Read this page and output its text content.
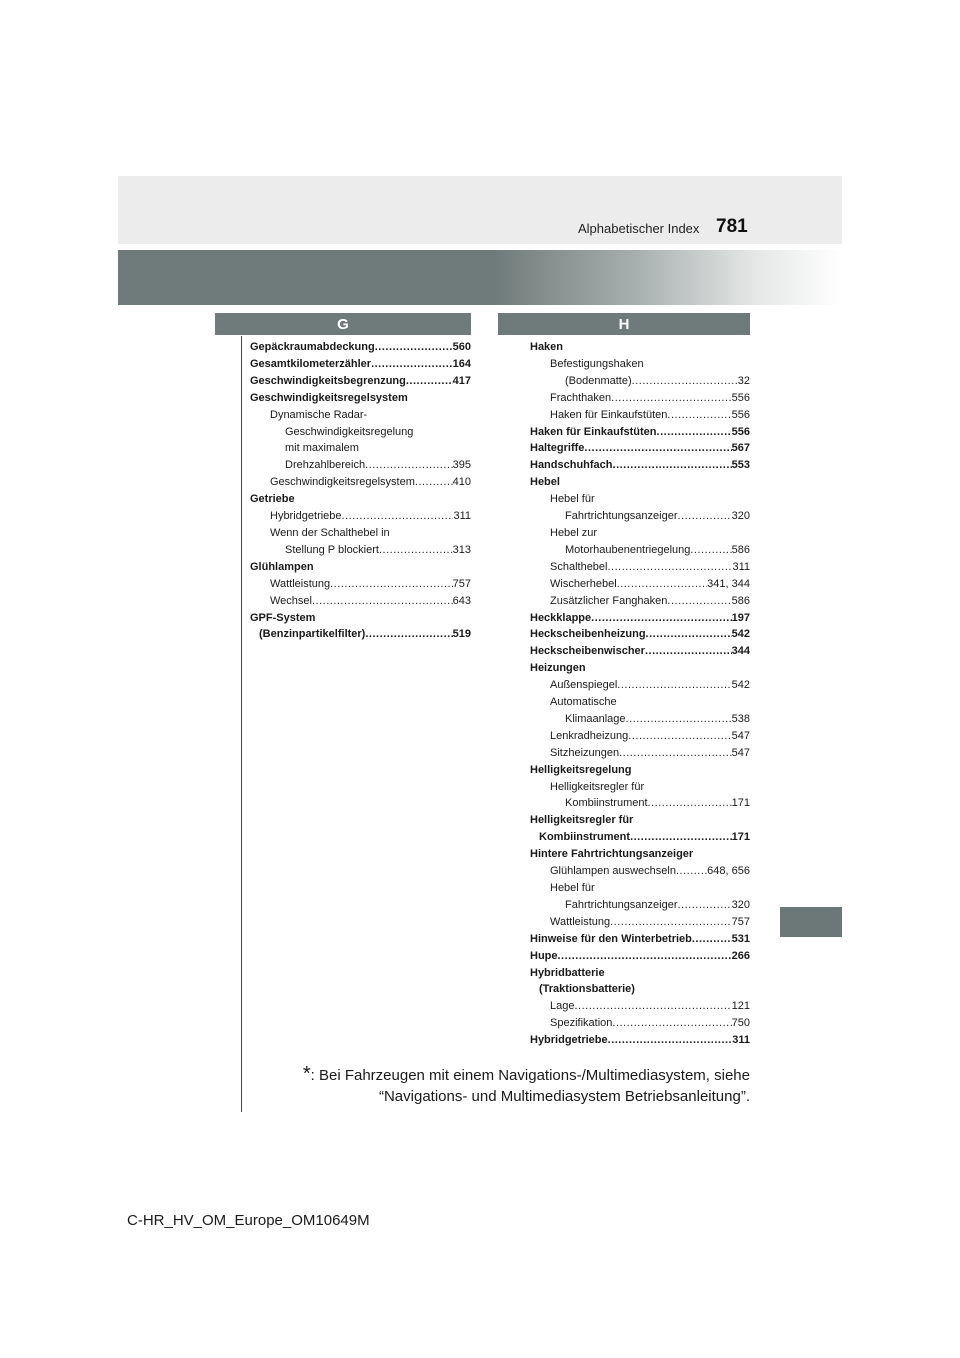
Alphabetischer Index 781
G	H
Gepäckraumabdeckung .....	560
Gesamtkilometerzähler .....	164
Geschwindigkeitsbegrenzung .....	417
Geschwindigkeitsregelsystem
Dynamische Radar-
Geschwindigkeitsregelung
mit maximalem
Drehzahlbereich .....	395
Geschwindigkeitsregelsystem .....	410
Getriebe
Hybridgetriebe .....	311
Wenn der Schalthebel in
Stellung P blockiert .....	313
Glühlampen
Wattleistung .....	757
Wechsel .....	643
GPF-System
(Benzinpartikelfilter) .....	519
Haken
Befestigungshaken
(Bodenmatte) .....	32
Frachthaken .....	556
Haken für Einkaufstüten .....	556
Haken für Einkaufstüten .....	556
Haltegriffe .....	567
Handschuhfach .....	553
Hebel
Hebel für
Fahrtrichtungsanzeiger .....	320
Hebel zur
Motorhaubenentriegelung .....	586
Schalthebel .....	311
Wischerhebel .....	341, 344
Zusätzlicher Fanghaken .....	586
Heckklappe .....	197
Heckscheibenheizung .....	542
Heckscheibenwischer .....	344
Heizungen
Außenspiegel .....	542
Automatische
Klimaanlage .....	538
Lenkradheizung .....	547
Sitzheizungen .....	547
Helligkeitsregelung
Helligkeitsregler für
Kombiinstrument .....	171
Helligkeitsregler für
Kombiinstrument .....	171
Hintere Fahrtrichtungsanzeiger
Glühlampen auswechseln .....	648, 656
Hebel für
Fahrtrichtungsanzeiger .....	320
Wattleistung .....	757
Hinweise für den Winterbetrieb .....	531
Hupe .....	266
Hybridbatterie
(Traktionsbatterie)
Lage .....	121
Spezifikation .....	750
Hybridgetriebe .....	311
*: Bei Fahrzeugen mit einem Navigations-/Multimediasystem, siehe
“Navigations- und Multimediasystem Betriebsanleitung”.
C-HR_HV_OM_Europe_OM10649M
